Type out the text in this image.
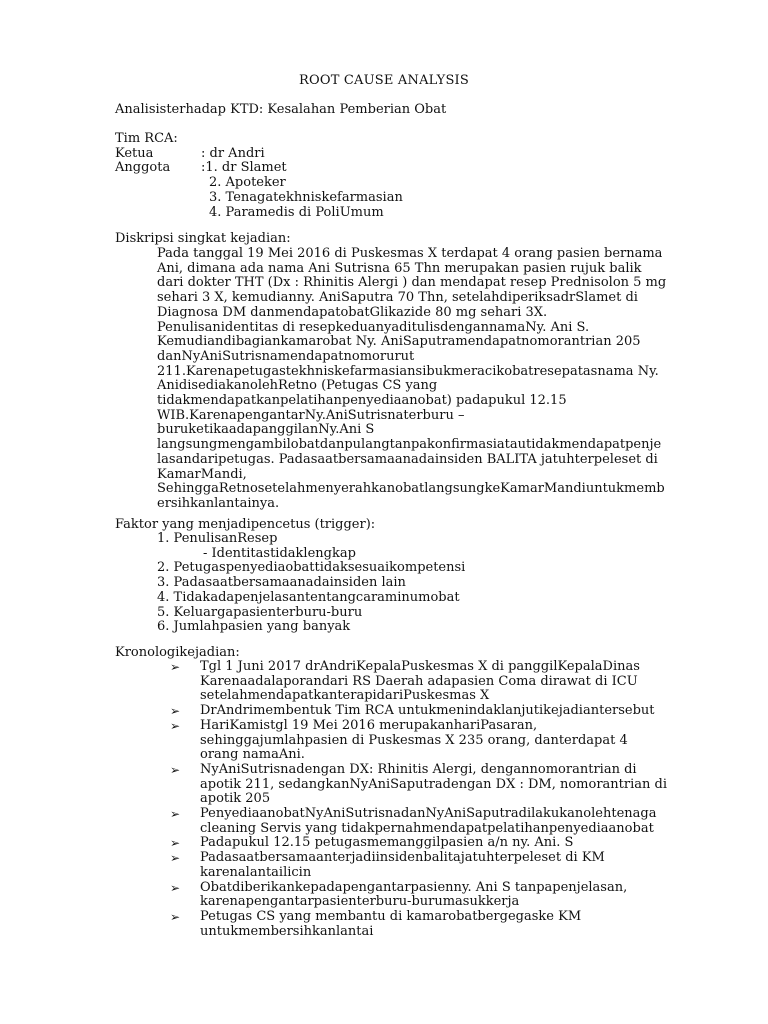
ROOT CAUSE ANALYSIS
Analisisterhadap KTD: Kesalahan Pemberian Obat
Tim RCA:
Ketua	: dr Andri
Anggota :1. dr Slamet
2. Apoteker
3. Tenagatekhniskefarmasian
4. Paramedis di PoliUmum
Diskripsi singkat kejadian:
Pada tanggal 19 Mei 2016 di Puskesmas X terdapat 4 orang pasien bernama
Ani, dimana ada nama Ani Sutrisna 65 Thn merupakan pasien rujuk balik
dari dokter THT (Dx : Rhinitis Alergi ) dan mendapat resep Prednisolon 5 mg
sehari 3 X, kemudianny. AniSaputra 70 Thn, setelahdiperiksadrSlamet di
Diagnosa DM danmendapatobatGlikazide 80 mg sehari 3X.
Penulisanidentitas di resepkeduanyaditulisdengannamaNy. Ani S.
Kemudiandibagiankamarobat Ny. AniSaputramendapatnomorantrian 205
danNyAniSutrisnamendapatnomorurut
211.Karenapetugastekhniskefarmasiansibukmeracikobatresepatasnama Ny.
AnidisediakanolehRetno (Petugas CS yang
tidakmendapatkanpelatihanpenyediaanobat) padapukul 12.15
WIB.KarenapengantarNy.AniSutrisnaterburu –
buruketikaadapanggilanNy.Ani S
langsungmengambilobatdanpulangtanpakonfirmasiatautidakmendapatpenje
lasandaripetugas. Padasaatbersamaanadainsiden BALITA jatuhterpeleset di
KamarMandi,
SehinggaRetnosetelahmenyerahkanobatlangsungkeKamarMandiuntukmemb
ersihkanlantainya.
Faktor yang menjadipencetus (trigger):
1. PenulisanResep
- Identitastidaklengkap
2. Petugaspenyediaobattidaksesuaikompetensi
3. Padasaatbersamaanadainsiden lain
4. Tidakadapenjelasantentangcaraminumobat
5. Keluargapasienterburu-buru
6. Jumlahpasien yang banyak
Kronologikejadian:
➢	Tgl 1 Juni 2017 drAndriKepalaPuskesmas X di panggilKepalaDinas
Karenaadalaporandari RS Daerah adapasien Coma dirawat di ICU
setelahmendapatkanterapidariPuskesmas X
➢	DrAndrimembentuk Tim RCA untukmenindaklanjutikejadiantersebut
➢	HariKamistgl 19 Mei 2016 merupakanhariPasaran,
sehinggajumlahpasien di Puskesmas X 235 orang, danterdapat 4
orang namaAni.
➢	NyAniSutrisnadengan DX: Rhinitis Alergi, dengannomorantrian di
apotik 211, sedangkanNyAniSaputradengan DX : DM, nomorantrian di
apotik 205
➢	PenyediaanobatNyAniSutrisnadanNyAniSaputradilakukanolehtenaga
cleaning Servis yang tidakpernahmendapatpelatihanpenyediaanobat
➢	Padapukul 12.15 petugasmemanggilpasien a/n ny. Ani. S
➢	Padasaatbersamaanterjadiinsidenbalitajatuhterpeleset di KM
karenalantailicin
➢	Obatdiberikankepadapengantarpasienny. Ani S tanpapenjelasan,
karenapengantarpasienterburu-burumasukkerja
➢	Petugas CS yang membantu di kamarobatbergegaske KM
untukmembersihkanlantai
